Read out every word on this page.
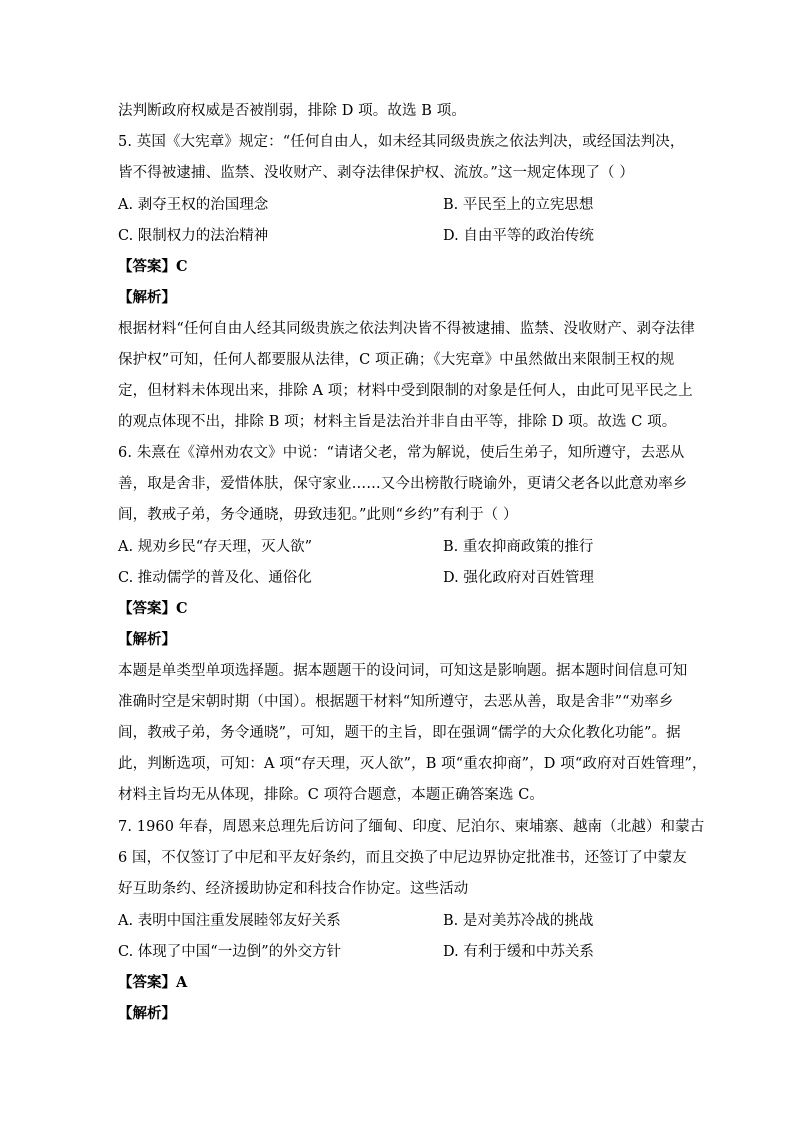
法判断政府权威是否被削弱，排除 D 项。故选 B 项。
5. 英国《大宪章》规定：“任何自由人，如未经其同级贵族之依法判决，或经国法判决，
皆不得被逮捕、监禁、没收财产、剥夺法律保护权、流放。”这一规定体现了（ ）
A. 剥夺王权的治国理念	B. 平民至上的立宪思想
C. 限制权力的法治精神	D. 自由平等的政治传统
【答案】C
【解析】
根据材料“任何自由人经其同级贵族之依法判决皆不得被逮捕、监禁、没收财产、剥夺法律
保护权”可知，任何人都要服从法律，C 项正确；《大宪章》中虽然做出来限制王权的规
定，但材料未体现出来，排除 A 项；材料中受到限制的对象是任何人，由此可见平民之上
的观点体现不出，排除 B 项；材料主旨是法治并非自由平等，排除 D 项。故选 C 项。
6. 朱熹在《漳州劝农文》中说：“请诸父老，常为解说，使后生弟子，知所遵守，去恶从
善，取是舍非，爱惜体肤，保守家业……又今出榜散行晓谕外，更请父老各以此意劝率乡
闾，教戒子弟，务令通晓，毋致违犯。”此则“乡约”有利于（ ）
A. 规劝乡民“存天理，灭人欲”	B. 重农抑商政策的推行
C. 推动儒学的普及化、通俗化	D. 强化政府对百姓管理
【答案】C
【解析】
本题是单类型单项选择题。据本题题干的设问词，可知这是影响题。据本题时间信息可知
准确时空是宋朝时期（中国）。根据题干材料“知所遵守，去恶从善，取是舍非”“劝率乡
闾，教戒子弟，务令通晓”，可知，题干的主旨，即在强调“儒学的大众化教化功能”。据
此，判断选项，可知：A 项“存天理，灭人欲”，B 项“重农抑商”，D 项“政府对百姓管理”，
材料主旨均无从体现，排除。C 项符合题意，本题正确答案选 C。
7. 1960 年春，周恩来总理先后访问了缅甸、印度、尼泊尔、柬埔寨、越南（北越）和蒙古
6 国，不仅签订了中尼和平友好条约，而且交换了中尼边界协定批准书，还签订了中蒙友
好互助条约、经济援助协定和科技合作协定。这些活动
A. 表明中国注重发展睦邻友好关系	B. 是对美苏冷战的挑战
C. 体现了中国“一边倒”的外交方针	D. 有利于缓和中苏关系
【答案】A
【解析】
